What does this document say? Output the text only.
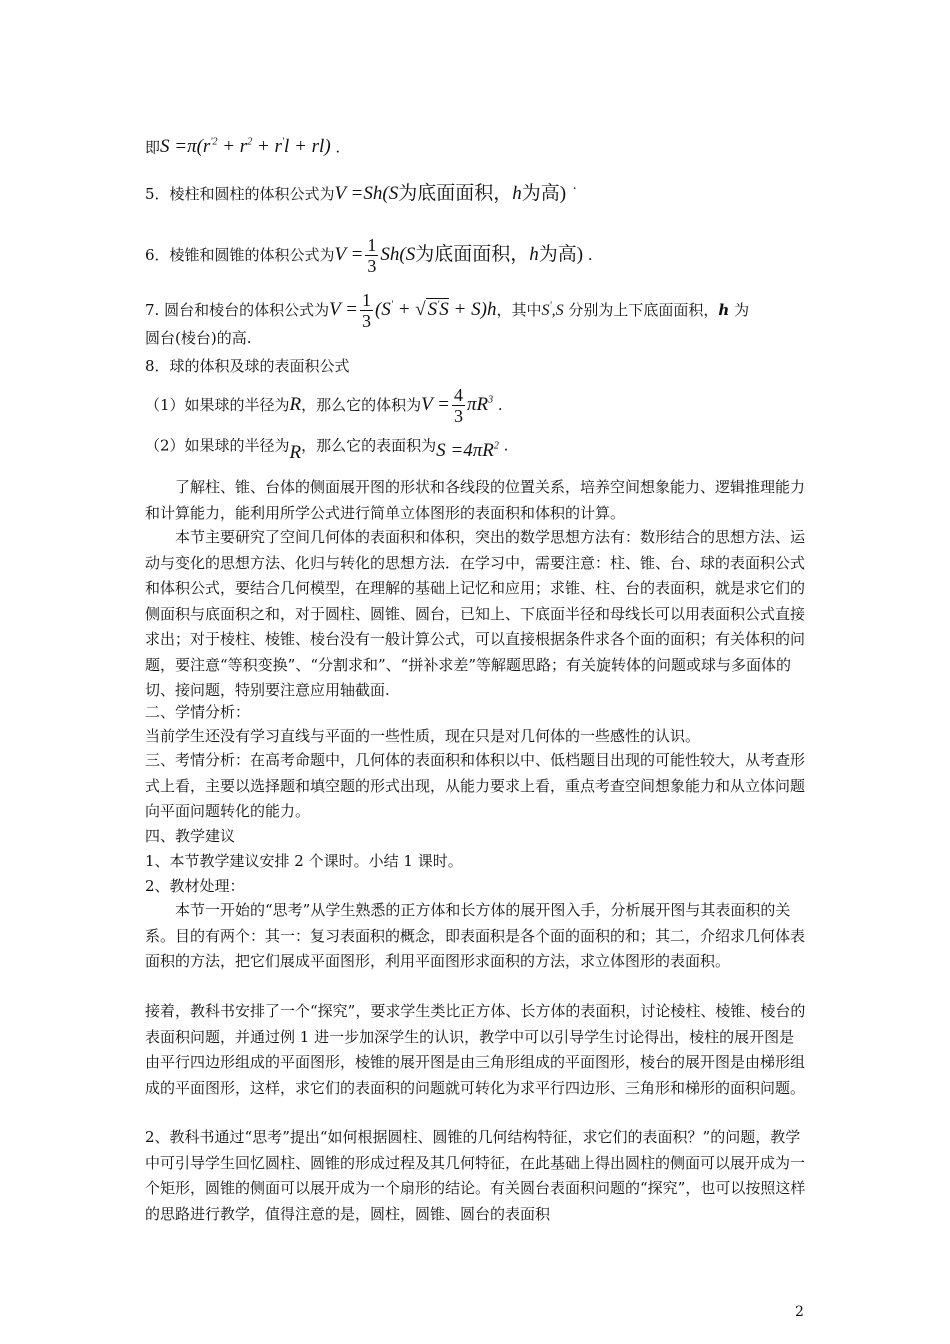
即$S =\pi(r^{'2} + r^2 + r'l + rl)$ .
5．棱柱和圆柱的体积公式为V =Sh(S为底面面积，h为高) ˙
6．棱锥和圆锥的体积公式为$V = \frac{1}{3} Sh(S$为底面面积，h为高) .
7. 圆台和棱台的体积公式为$V = \frac{1}{3} (S'$ + √ S'S + S)h，其中S',S 分别为上下底面面积，h 为
圆台(棱台)的高.
8．球的体积及球的表面积公式
（1）如果球的半径为R，那么它的体积为$V = \frac{4}{3} \pi R^3$ .
（2）如果球的半径为R，那么它的表面积为$S =4\pi R^2$ .
了解柱、锥、台体的侧面展开图的形状和各线段的位置关系，培养空间想象能力、逻辑推理能力和计算能力，能利用所学公式进行简单立体图形的表面积和体积的计算。
本节主要研究了空间几何体的表面积和体积，突出的数学思想方法有：数形结合的思想方法、运动与变化的思想方法、化归与转化的思想方法．在学习中，需要注意：柱、锥、台、球的表面积公式和体积公式，要结合几何模型，在理解的基础上记忆和应用；求锥、柱、台的表面积，就是求它们的侧面积与底面积之和，对于圆柱、圆锥、圆台，已知上、下底面半径和母线长可以用表面积公式直接求出；对于棱柱、棱锥、棱台没有一般计算公式，可以直接根据条件求各个面的面积；有关体积的问题，要注意“等积变换”、“分割求和”、“拼补求差”等解题思路；有关旋转体的问题或球与多面体的切、接问题，特别要注意应用轴截面.
二、学情分析：
当前学生还没有学习直线与平面的一些性质，现在只是对几何体的一些感性的认识。
三、考情分析：在高考命题中，几何体的表面积和体积以中、低档题目出现的可能性较大，从考查形式上看，主要以选择题和填空题的形式出现，从能力要求上看，重点考查空间想象能力和从立体问题向平面问题转化的能力。
四、教学建议
1、本节教学建议安排 2 个课时。小结 1 课时。
2、教材处理：
本节一开始的“思考”从学生熟悉的正方体和长方体的展开图入手，分析展开图与其表面积的关系。目的有两个：其一：复习表面积的概念，即表面积是各个面的面积的和；其二，介绍求几何体表面积的方法，把它们展成平面图形，利用平面图形求面积的方法，求立体图形的表面积。
接着，教科书安排了一个“探究”，要求学生类比正方体、长方体的表面积，讨论棱柱、棱锥、棱台的表面积问题，并通过例 1 进一步加深学生的认识，教学中可以引导学生讨论得出，棱柱的展开图是由平行四边形组成的平面图形，棱锥的展开图是由三角形组成的平面图形，棱台的展开图是由梯形组成的平面图形，这样，求它们的表面积的问题就可转化为求平行四边形、三角形和梯形的面积问题。
2、教科书通过“思考”提出“如何根据圆柱、圆锥的几何结构特征，求它们的表面积？”的问题，教学中可引导学生回忆圆柱、圆锥的形成过程及其几何特征，在此基础上得出圆柱的侧面可以展开成为一个矩形，圆锥的侧面可以展开成为一个扇形的结论。有关圆台表面积问题的“探究”，也可以按照这样的思路进行教学，值得注意的是，圆柱，圆锥、圆台的表面积
2
